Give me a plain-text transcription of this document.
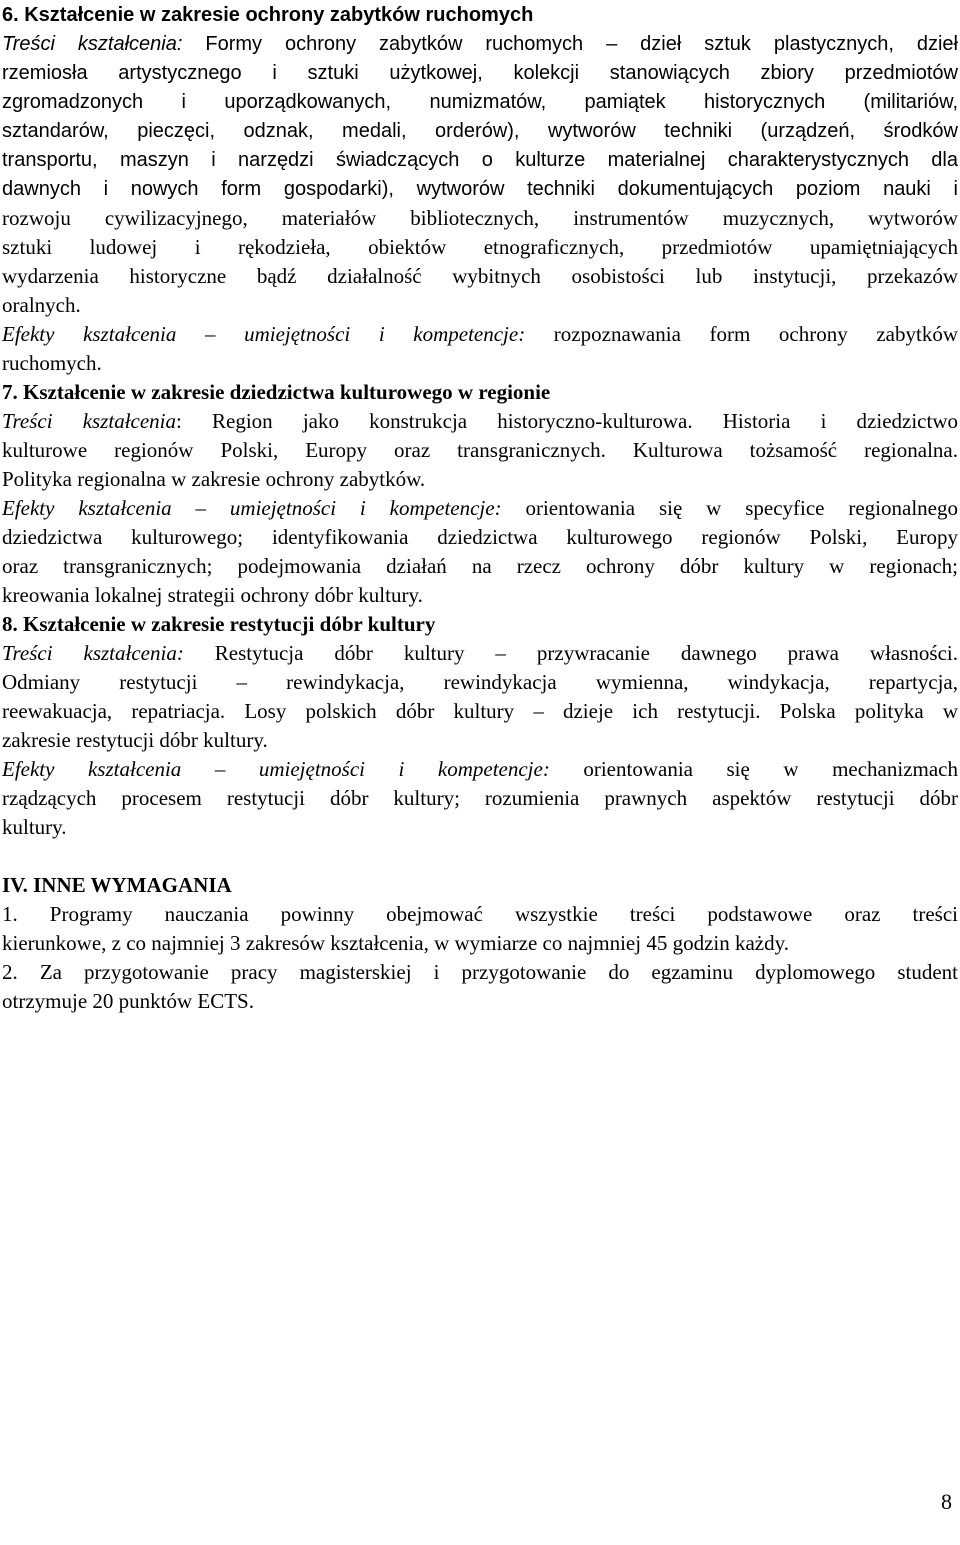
6. Kształcenie w zakresie ochrony zabytków ruchomych
Treści kształcenia: Formy ochrony zabytków ruchomych – dzieł sztuk plastycznych, dzieł
rzemiosła artystycznego i sztuki użytkowej, kolekcji stanowiących zbiory przedmiotów
zgromadzonych i uporządkowanych, numizmatów, pamiątek historycznych (militariów,
sztandarów, pieczęci, odznak, medali, orderów), wytworów techniki (urządzeń, środków
transportu, maszyn i narzędzi świadczących o kulturze materialnej charakterystycznych dla
dawnych i nowych form gospodarki), wytworów techniki dokumentujących poziom nauki i
rozwoju cywilizacyjnego, materiałów bibliotecznych, instrumentów muzycznych, wytworów
sztuki ludowej i rękodzieła, obiektów etnograficznych, przedmiotów upamiętniających
wydarzenia historyczne bądź działalność wybitnych osobistości lub instytucji, przekazów
oralnych.
Efekty kształcenia – umiejętności i kompetencje: rozpoznawania form ochrony zabytków
ruchomych.
7. Kształcenie w zakresie dziedzictwa kulturowego w regionie
Treści kształcenia: Region jako konstrukcja historyczno-kulturowa. Historia i dziedzictwo
kulturowe regionów Polski, Europy oraz transgranicznych. Kulturowa tożsamość regionalna.
Polityka regionalna w zakresie ochrony zabytków.
Efekty kształcenia – umiejętności i kompetencje: orientowania się w specyfice regionalnego
dziedzictwa kulturowego; identyfikowania dziedzictwa kulturowego regionów Polski, Europy
oraz transgranicznych; podejmowania działań na rzecz ochrony dóbr kultury w regionach;
kreowania lokalnej strategii ochrony dóbr kultury.
8. Kształcenie w zakresie restytucji dóbr kultury
Treści kształcenia: Restytucja dóbr kultury – przywracanie dawnego prawa własności.
Odmiany restytucji – rewindykacja, rewindykacja wymienna, windykacja, repartycja,
reewakuacja, repatriacja. Losy polskich dóbr kultury – dzieje ich restytucji. Polska polityka w
zakresie restytucji dóbr kultury.
Efekty kształcenia – umiejętności i kompetencje: orientowania się w mechanizmach
rządzących procesem restytucji dóbr kultury; rozumienia prawnych aspektów restytucji dóbr
kultury.
IV. INNE WYMAGANIA
1. Programy nauczania powinny obejmować wszystkie treści podstawowe oraz treści
kierunkowe, z co najmniej 3 zakresów kształcenia, w wymiarze co najmniej 45 godzin każdy.
2. Za przygotowanie pracy magisterskiej i przygotowanie do egzaminu dyplomowego student
otrzymuje 20 punktów ECTS.
8
